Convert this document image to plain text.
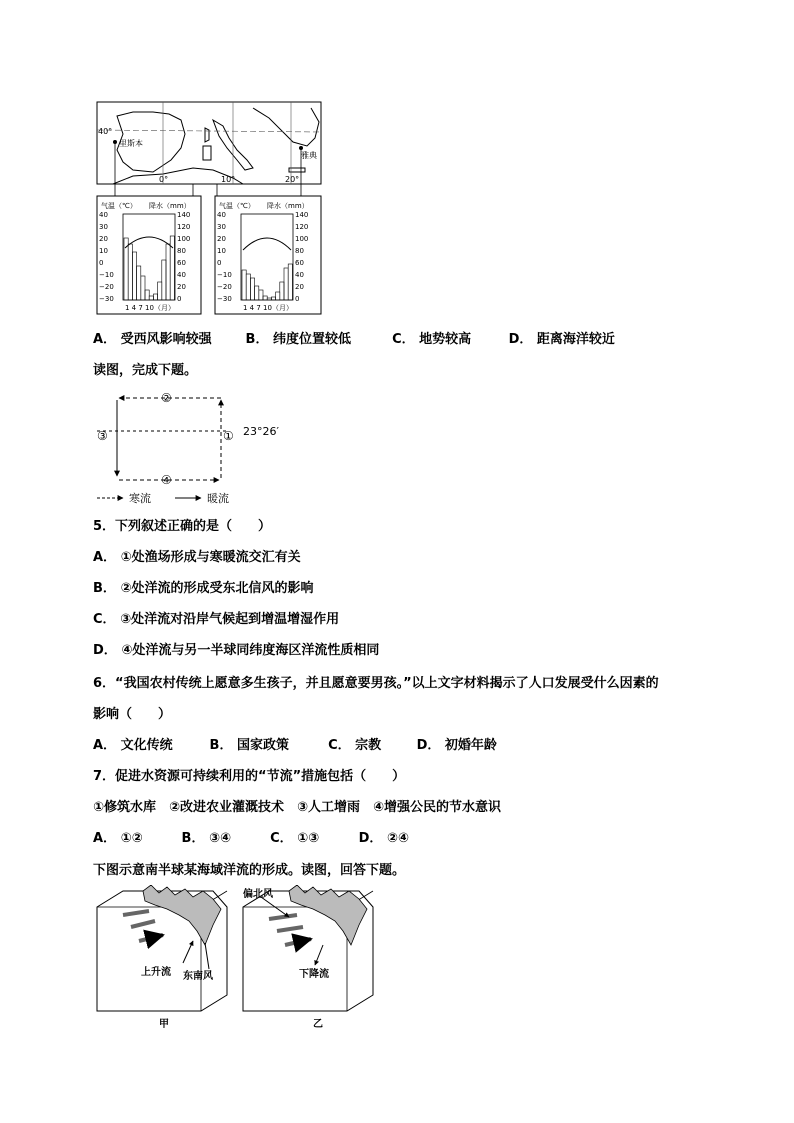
40°
里斯本
雅典
0°	10°	20°
气温（℃） 降水（mm）
40	140
30	120
20	100
10	80
0	60
−10	40
−20	20
−30	0
1 4 7 10（月）
气温（℃） 降水（mm）
40	140
30	120
20	100
10	80
0	60
−10	40
−20	20
−30	0
1 4 7 10（月）
A． 受西风影响较强	B． 纬度位置较低	C． 地势较高	D． 距离海洋较近
读图，完成下题。
②
③	①
④
23°26′
寒流	暖流
5．下列叙述正确的是（　　）
A． ①处渔场形成与寒暖流交汇有关
B． ②处洋流的形成受东北信风的影响
C． ③处洋流对沿岸气候起到增温增湿作用
D． ④处洋流与另一半球同纬度海区洋流性质相同
6．“我国农村传统上愿意多生孩子，并且愿意要男孩。”以上文字材料揭示了人口发展受什么因素的
影响（　　）
A． 文化传统	B． 国家政策	C． 宗教	D． 初婚年龄
7．促进水资源可持续利用的“节流”措施包括（　　）
①修筑水库　②改进农业灌溉技术　③人工增雨　④增强公民的节水意识
A． ①②	B． ③④	C． ①③	D． ②④
下图示意南半球某海域洋流的形成。读图，回答下题。
上升流 东南风
甲
偏北风
下降流
乙
